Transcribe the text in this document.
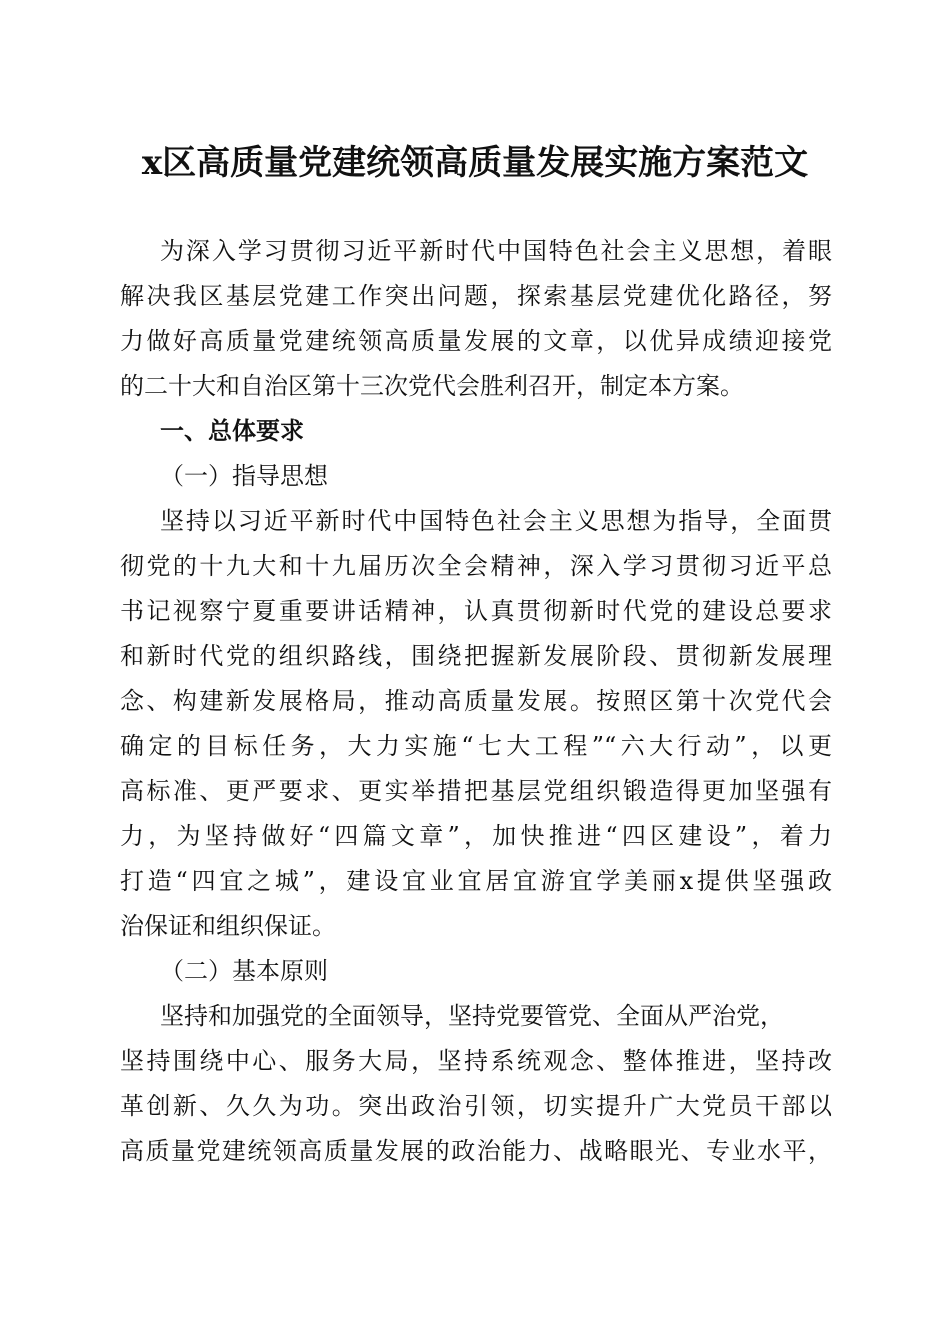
x区高质量党建统领高质量发展实施方案范文
为深入学习贯彻习近平新时代中国特色社会主义思想，着眼
解决我区基层党建工作突出问题，探索基层党建优化路径，努
力做好高质量党建统领高质量发展的文章，以优异成绩迎接党
的二十大和自治区第十三次党代会胜利召开，制定本方案。
一、总体要求
（一）指导思想
坚持以习近平新时代中国特色社会主义思想为指导，全面贯
彻党的十九大和十九届历次全会精神，深入学习贯彻习近平总
书记视察宁夏重要讲话精神，认真贯彻新时代党的建设总要求
和新时代党的组织路线，围绕把握新发展阶段、贯彻新发展理
念、构建新发展格局，推动高质量发展。按照区第十次党代会
确定的目标任务，大力实施“七大工程”“六大行动”，以更
高标准、更严要求、更实举措把基层党组织锻造得更加坚强有
力，为坚持做好“四篇文章”，加快推进“四区建设”，着力
打造“四宜之城”，建设宜业宜居宜游宜学美丽x提供坚强政
治保证和组织保证。
（二）基本原则
坚持和加强党的全面领导，坚持党要管党、全面从严治党，
坚持围绕中心、服务大局，坚持系统观念、整体推进，坚持改
革创新、久久为功。突出政治引领，切实提升广大党员干部以
高质量党建统领高质量发展的政治能力、战略眼光、专业水平，
